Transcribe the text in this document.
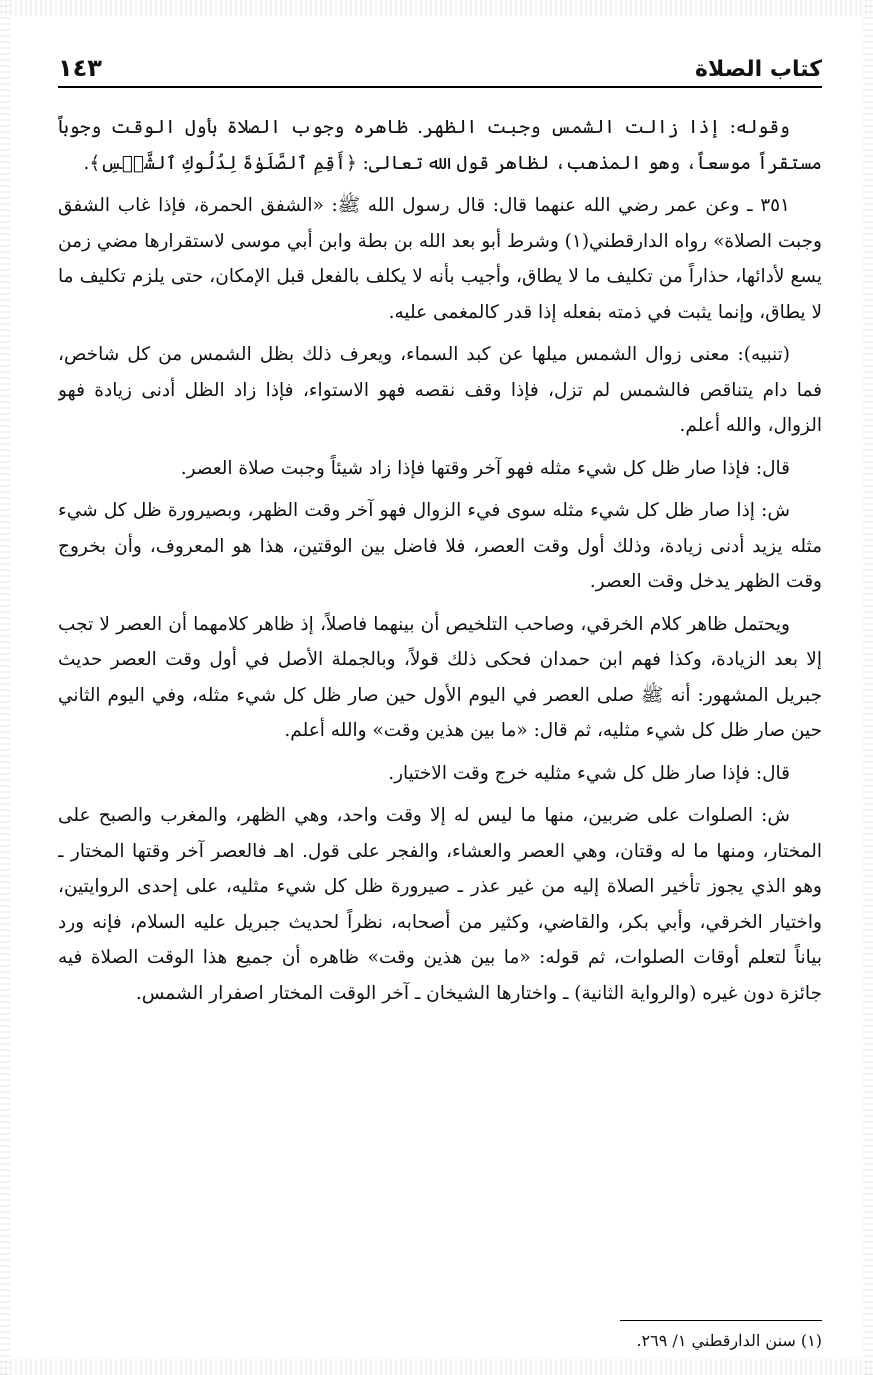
كتاب الصلاة
١٤٣

وقوله: إذا زالت الشمس وجبت الظهر. ظاهره وجوب الصلاة بأول الوقت وجوباً مستقراً موسعاً، وهو المذهب، لظاهر قول الله تعالى: ﴿أَقِمِ ٱلصَّلَوٰةَ لِدُلُوكِ ٱلشَّمۡسِ﴾.

٣٥١ ـ وعن عمر رضي الله عنهما قال: قال رسول الله ﷺ: «الشفق الحمرة، فإذا غاب الشفق وجبت الصلاة» رواه الدارقطني(١) وشرط أبو بعد الله بن بطة وابن أبي موسى لاستقرارها مضي زمن يسع لأدائها، حذاراً من تكليف ما لا يطاق، وأجيب بأنه لا يكلف بالفعل قبل الإمكان، حتى يلزم تكليف ما لا يطاق، وإنما يثبت في ذمته بفعله إذا قدر كالمغمى عليه.

(تنبيه): معنى زوال الشمس ميلها عن كبد السماء، ويعرف ذلك بظل الشمس من كل شاخص، فما دام يتناقص فالشمس لم تزل، فإذا وقف نقصه فهو الاستواء، فإذا زاد الظل أدنى زيادة فهو الزوال، والله أعلم.

قال: فإذا صار ظل كل شيء مثله فهو آخر وقتها فإذا زاد شيئاً وجبت صلاة العصر.

ش: إذا صار ظل كل شيء مثله سوى فيء الزوال فهو آخر وقت الظهر، وبصيرورة ظل كل شيء مثله يزيد أدنى زيادة، وذلك أول وقت العصر، فلا فاضل بين الوقتين، هذا هو المعروف، وأن بخروج وقت الظهر يدخل وقت العصر.

ويحتمل ظاهر كلام الخرقي، وصاحب التلخيص أن بينهما فاصلاً، إذ ظاهر كلامهما أن العصر لا تجب إلا بعد الزيادة، وكذا فهم ابن حمدان فحكى ذلك قولاً، وبالجملة الأصل في أول وقت العصر حديث جبريل المشهور: أنه ﷺ صلى العصر في اليوم الأول حين صار ظل كل شيء مثله، وفي اليوم الثاني حين صار ظل كل شيء مثليه، ثم قال: «ما بين هذين وقت» والله أعلم.

قال: فإذا صار ظل كل شيء مثليه خرج وقت الاختيار.

ش: الصلوات على ضربين، منها ما ليس له إلا وقت واحد، وهي الظهر، والمغرب والصبح على المختار، ومنها ما له وقتان، وهي العصر والعشاء، والفجر على قول. اهـ فالعصر آخر وقتها المختار ـ وهو الذي يجوز تأخير الصلاة إليه من غير عذر ـ صيرورة ظل كل شيء مثليه، على إحدى الروايتين، واختيار الخرقي، وأبي بكر، والقاضي، وكثير من أصحابه، نظراً لحديث جبريل عليه السلام، فإنه ورد بياناً لتعلم أوقات الصلوات، ثم قوله: «ما بين هذين وقت» ظاهره أن جميع هذا الوقت الصلاة فيه جائزة دون غيره (والرواية الثانية) ـ واختارها الشيخان ـ آخر الوقت المختار اصفرار الشمس.

(١) سنن الدارقطني ١/ ٢٦٩.
